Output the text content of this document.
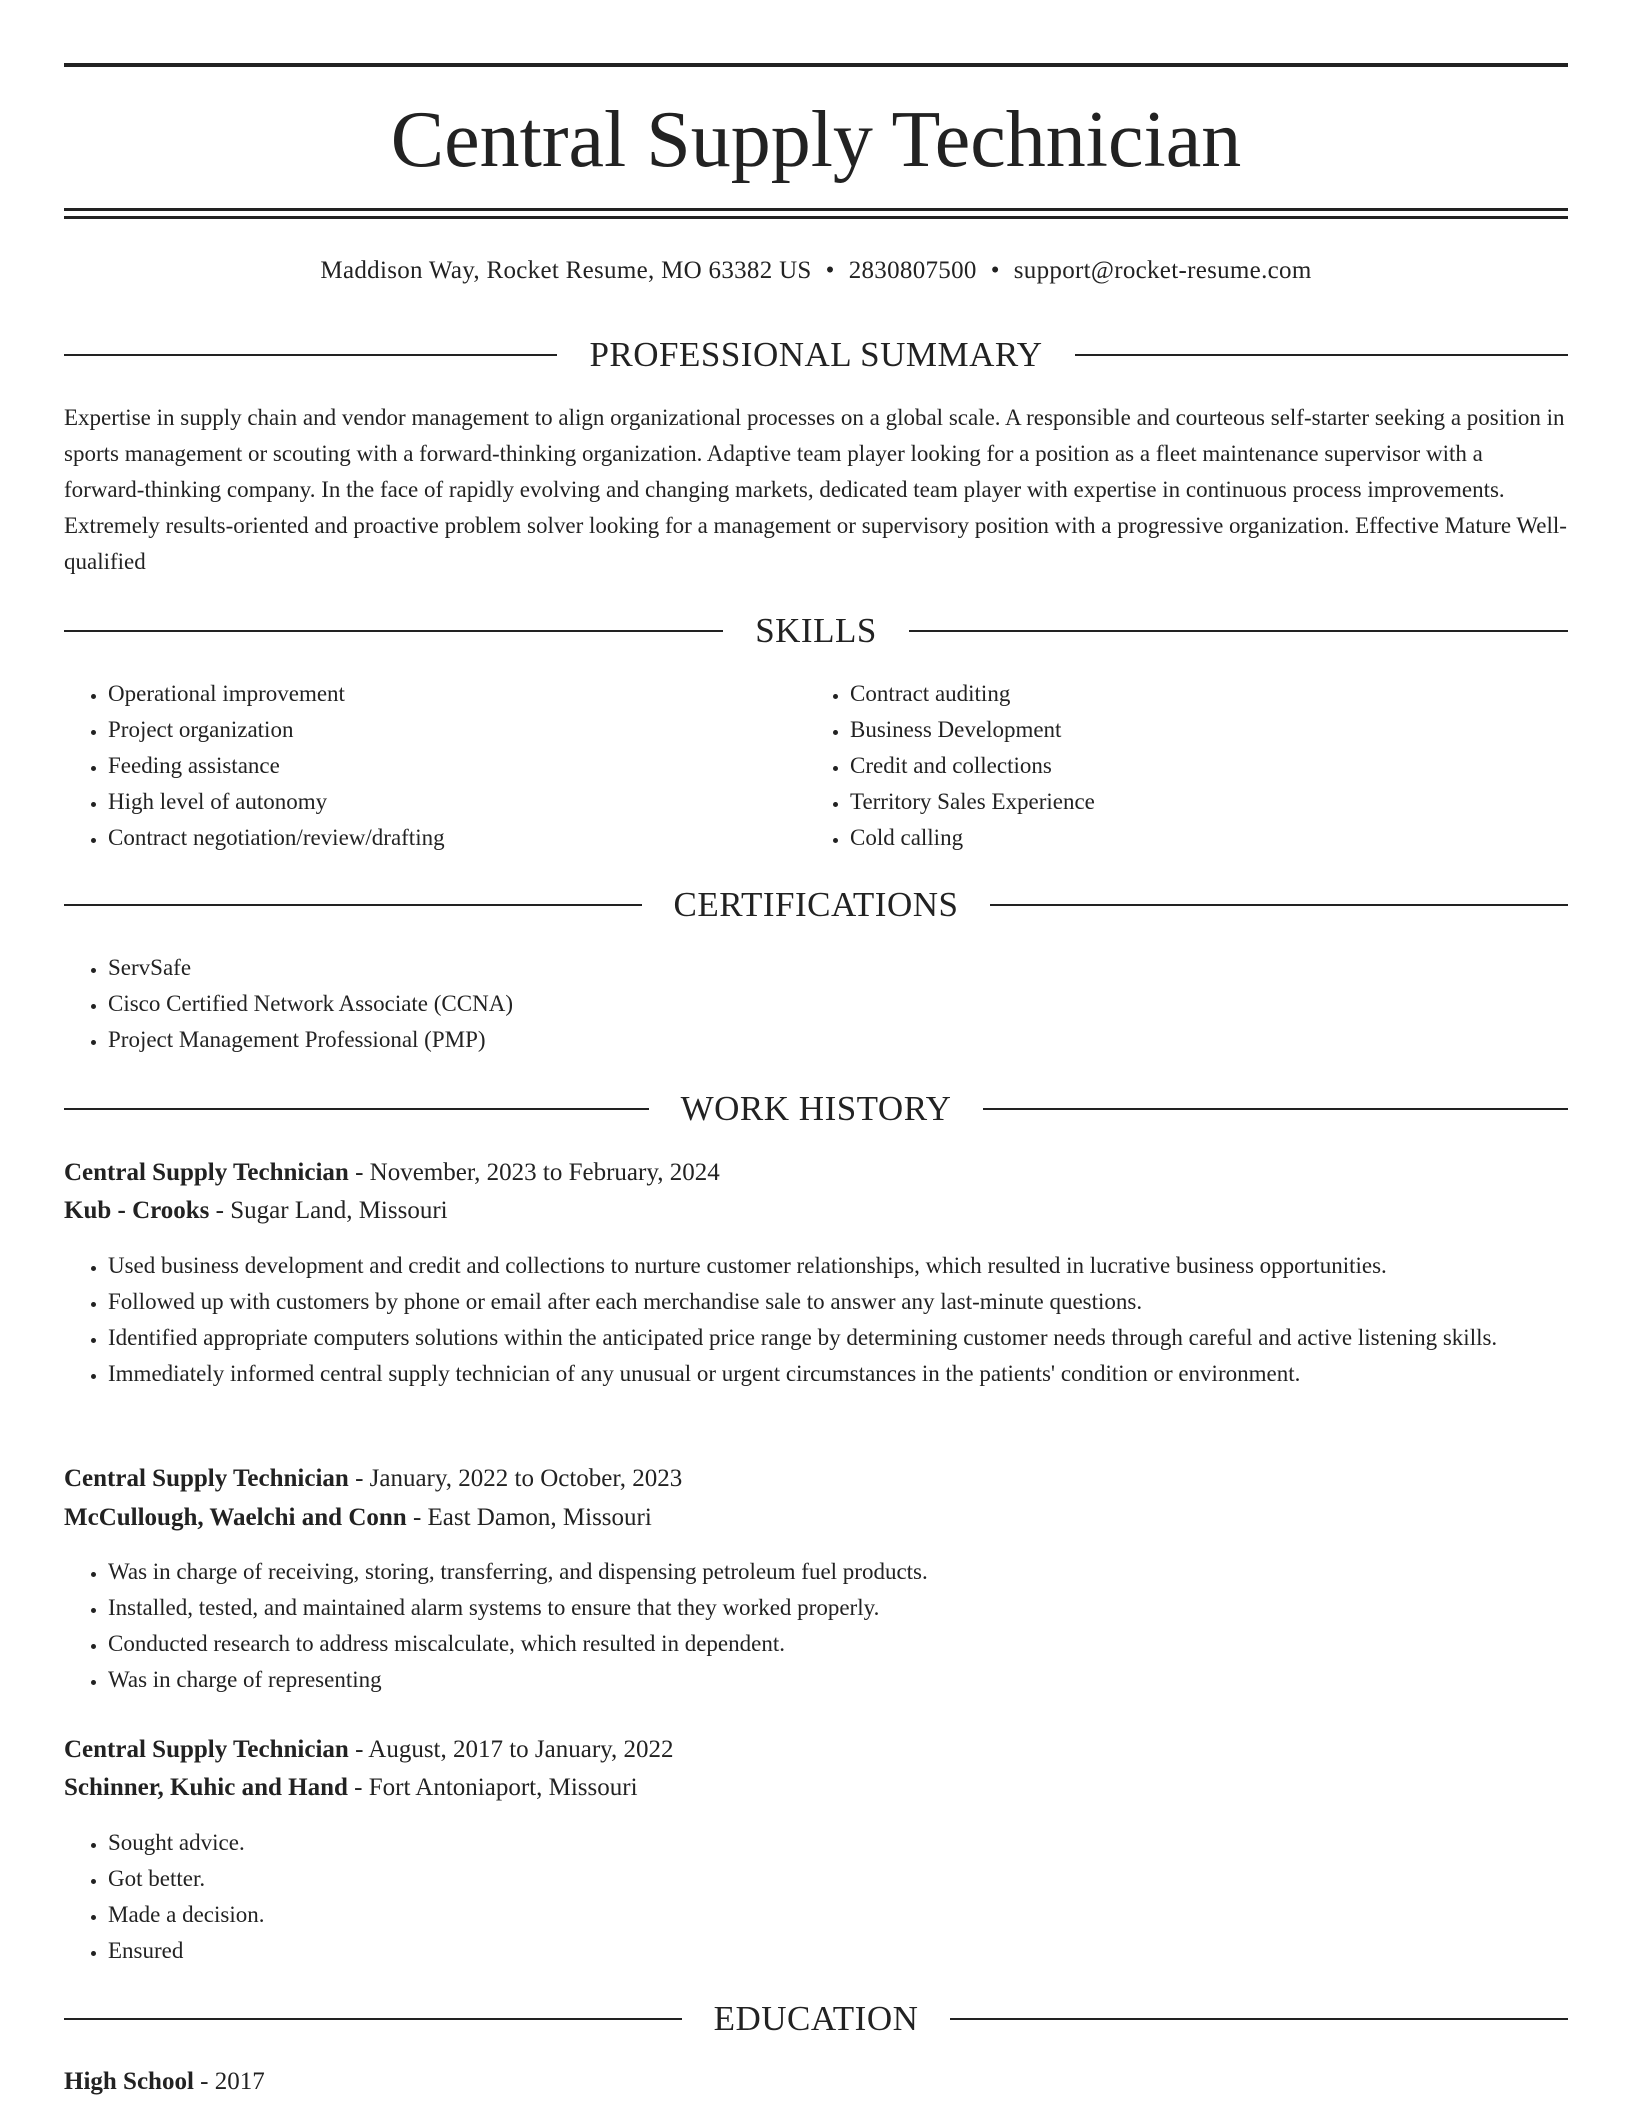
Central Supply Technician
Maddison Way, Rocket Resume, MO 63382 US • 2830807500 • support@rocket-resume.com
PROFESSIONAL SUMMARY

Expertise in supply chain and vendor management to align organizational processes on a global scale. A responsible and courteous self-starter seeking a position in sports management or scouting with a forward-thinking organization. Adaptive team player looking for a position as a fleet maintenance supervisor with a forward-thinking company. In the face of rapidly evolving and changing markets, dedicated team player with expertise in continuous process improvements. Extremely results-oriented and proactive problem solver looking for a management or supervisory position with a progressive organization. Effective Mature Well-qualified

SKILLS
• Operational improvement
• Project organization
• Feeding assistance
• High level of autonomy
• Contract negotiation/review/drafting
• Contract auditing
• Business Development
• Credit and collections
• Territory Sales Experience
• Cold calling
CERTIFICATIONS
• ServSafe
• Cisco Certified Network Associate (CCNA)
• Project Management Professional (PMP)
WORK HISTORY
Central Supply Technician - November, 2023 to February, 2024
Kub - Crooks - Sugar Land, Missouri
• Used business development and credit and collections to nurture customer relationships, which resulted in lucrative business opportunities.
• Followed up with customers by phone or email after each merchandise sale to answer any last-minute questions.
• Identified appropriate computers solutions within the anticipated price range by determining customer needs through careful and active listening skills.
• Immediately informed central supply technician of any unusual or urgent circumstances in the patients' condition or environment.
Central Supply Technician - January, 2022 to October, 2023
McCullough, Waelchi and Conn - East Damon, Missouri
• Was in charge of receiving, storing, transferring, and dispensing petroleum fuel products.
• Installed, tested, and maintained alarm systems to ensure that they worked properly.
• Conducted research to address miscalculate, which resulted in dependent.
• Was in charge of representing
Central Supply Technician - August, 2017 to January, 2022
Schinner, Kuhic and Hand - Fort Antoniaport, Missouri
• Sought advice.
• Got better.
• Made a decision.
• Ensured
EDUCATION
High School - 2017
